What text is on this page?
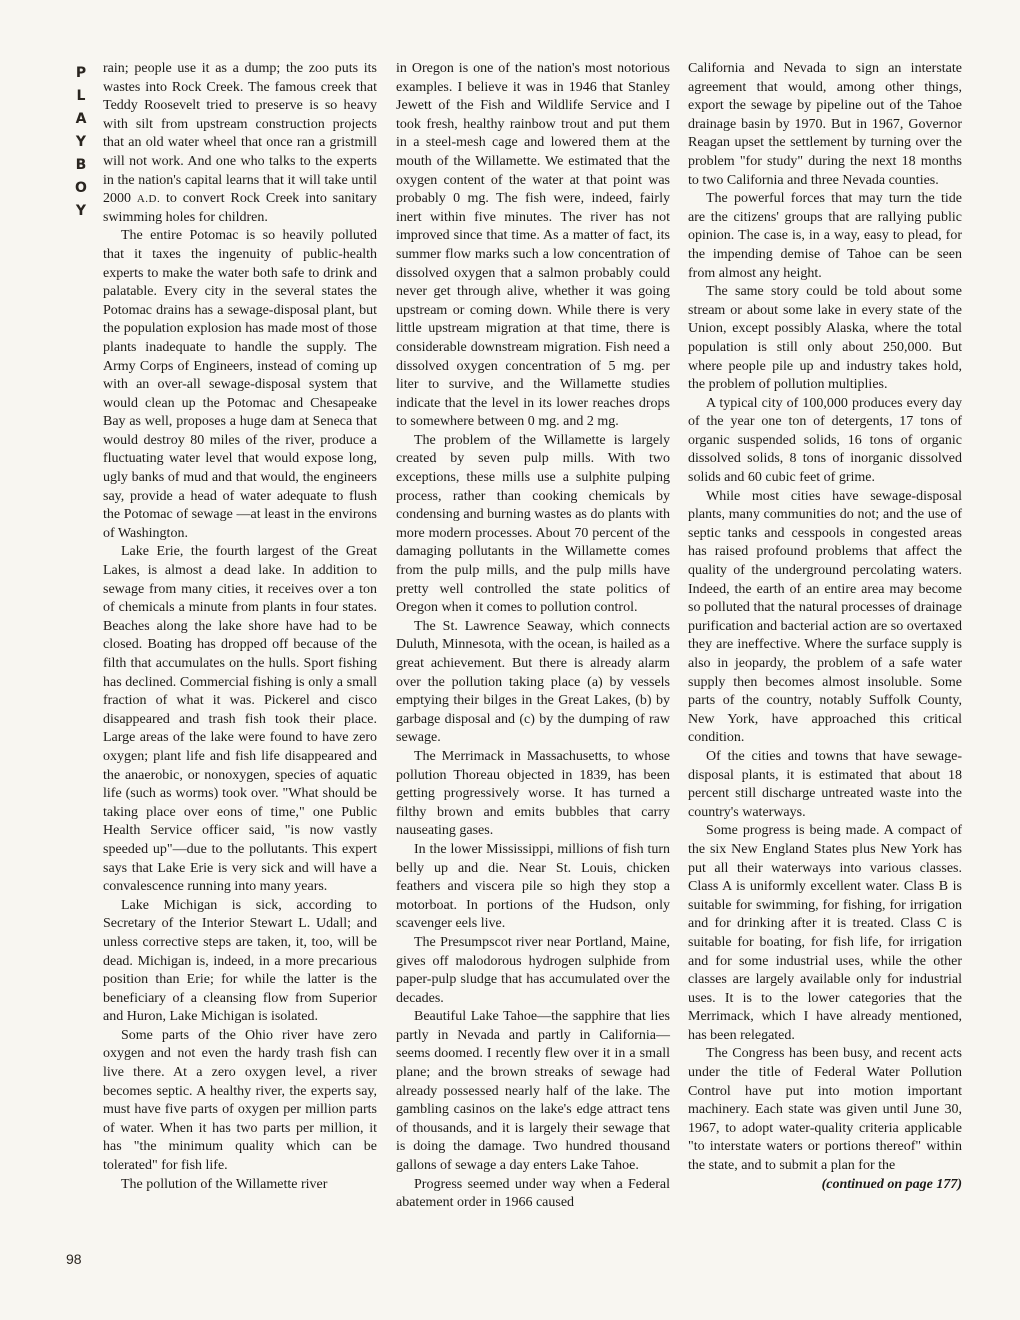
P
L
A
Y
B
O
Y
98

rain; people use it as a dump; the zoo puts its wastes into Rock Creek. The famous creek that Teddy Roosevelt tried to preserve is so heavy with silt from upstream construction projects that an old water wheel that once ran a gristmill will not work. And one who talks to the experts in the nation's capital learns that it will take until 2000 A.D. to convert Rock Creek into sanitary swimming holes for children.

The entire Potomac is so heavily polluted that it taxes the ingenuity of public-health experts to make the water both safe to drink and palatable. Every city in the several states the Potomac drains has a sewage-disposal plant, but the population explosion has made most of those plants inadequate to handle the supply. The Army Corps of Engineers, instead of coming up with an over-all sewage-disposal system that would clean up the Potomac and Chesapeake Bay as well, proposes a huge dam at Seneca that would destroy 80 miles of the river, produce a fluctuating water level that would expose long, ugly banks of mud and that would, the engineers say, provide a head of water adequate to flush the Potomac of sewage —at least in the environs of Washington.

Lake Erie, the fourth largest of the Great Lakes, is almost a dead lake. In addition to sewage from many cities, it receives over a ton of chemicals a minute from plants in four states. Beaches along the lake shore have had to be closed. Boating has dropped off because of the filth that accumulates on the hulls. Sport fishing has declined. Commercial fishing is only a small fraction of what it was. Pickerel and cisco disappeared and trash fish took their place. Large areas of the lake were found to have zero oxygen; plant life and fish life disappeared and the anaerobic, or nonoxygen, species of aquatic life (such as worms) took over. "What should be taking place over eons of time," one Public Health Service officer said, "is now vastly speeded up"—due to the pollutants. This expert says that Lake Erie is very sick and will have a convalescence running into many years.

Lake Michigan is sick, according to Secretary of the Interior Stewart L. Udall; and unless corrective steps are taken, it, too, will be dead. Michigan is, indeed, in a more precarious position than Erie; for while the latter is the beneficiary of a cleansing flow from Superior and Huron, Lake Michigan is isolated.

Some parts of the Ohio river have zero oxygen and not even the hardy trash fish can live there. At a zero oxygen level, a river becomes septic. A healthy river, the experts say, must have five parts of oxygen per million parts of water. When it has two parts per million, it has "the minimum quality which can be tolerated" for fish life.

The pollution of the Willamette river

in Oregon is one of the nation's most notorious examples. I believe it was in 1946 that Stanley Jewett of the Fish and Wildlife Service and I took fresh, healthy rainbow trout and put them in a steel-mesh cage and lowered them at the mouth of the Willamette. We estimated that the oxygen content of the water at that point was probably 0 mg. The fish were, indeed, fairly inert within five minutes. The river has not improved since that time. As a matter of fact, its summer flow marks such a low concentration of dissolved oxygen that a salmon probably could never get through alive, whether it was going upstream or coming down. While there is very little upstream migration at that time, there is considerable downstream migration. Fish need a dissolved oxygen concentration of 5 mg. per liter to survive, and the Willamette studies indicate that the level in its lower reaches drops to somewhere between 0 mg. and 2 mg.

The problem of the Willamette is largely created by seven pulp mills. With two exceptions, these mills use a sulphite pulping process, rather than cooking chemicals by condensing and burning wastes as do plants with more modern processes. About 70 percent of the damaging pollutants in the Willamette comes from the pulp mills, and the pulp mills have pretty well controlled the state politics of Oregon when it comes to pollution control.

The St. Lawrence Seaway, which connects Duluth, Minnesota, with the ocean, is hailed as a great achievement. But there is already alarm over the pollution taking place (a) by vessels emptying their bilges in the Great Lakes, (b) by garbage disposal and (c) by the dumping of raw sewage.

The Merrimack in Massachusetts, to whose pollution Thoreau objected in 1839, has been getting progressively worse. It has turned a filthy brown and emits bubbles that carry nauseating gases.

In the lower Mississippi, millions of fish turn belly up and die. Near St. Louis, chicken feathers and viscera pile so high they stop a motorboat. In portions of the Hudson, only scavenger eels live.

The Presumpscot river near Portland, Maine, gives off malodorous hydrogen sulphide from paper-pulp sludge that has accumulated over the decades.

Beautiful Lake Tahoe—the sapphire that lies partly in Nevada and partly in California—seems doomed. I recently flew over it in a small plane; and the brown streaks of sewage had already possessed nearly half of the lake. The gambling casinos on the lake's edge attract tens of thousands, and it is largely their sewage that is doing the damage. Two hundred thousand gallons of sewage a day enters Lake Tahoe.

Progress seemed under way when a Federal abatement order in 1966 caused

California and Nevada to sign an interstate agreement that would, among other things, export the sewage by pipeline out of the Tahoe drainage basin by 1970. But in 1967, Governor Reagan upset the settlement by turning over the problem "for study" during the next 18 months to two California and three Nevada counties.

The powerful forces that may turn the tide are the citizens' groups that are rallying public opinion. The case is, in a way, easy to plead, for the impending demise of Tahoe can be seen from almost any height.

The same story could be told about some stream or about some lake in every state of the Union, except possibly Alaska, where the total population is still only about 250,000. But where people pile up and industry takes hold, the problem of pollution multiplies.

A typical city of 100,000 produces every day of the year one ton of detergents, 17 tons of organic suspended solids, 16 tons of organic dissolved solids, 8 tons of inorganic dissolved solids and 60 cubic feet of grime.

While most cities have sewage-disposal plants, many communities do not; and the use of septic tanks and cesspools in congested areas has raised profound problems that affect the quality of the underground percolating waters. Indeed, the earth of an entire area may become so polluted that the natural processes of drainage purification and bacterial action are so overtaxed they are ineffective. Where the surface supply is also in jeopardy, the problem of a safe water supply then becomes almost insoluble. Some parts of the country, notably Suffolk County, New York, have approached this critical condition.

Of the cities and towns that have sewage-disposal plants, it is estimated that about 18 percent still discharge untreated waste into the country's waterways.

Some progress is being made. A compact of the six New England States plus New York has put all their waterways into various classes. Class A is uniformly excellent water. Class B is suitable for swimming, for fishing, for irrigation and for drinking after it is treated. Class C is suitable for boating, for fish life, for irrigation and for some industrial uses, while the other classes are largely available only for industrial uses. It is to the lower categories that the Merrimack, which I have already mentioned, has been relegated.

The Congress has been busy, and recent acts under the title of Federal Water Pollution Control have put into motion important machinery. Each state was given until June 30, 1967, to adopt water-quality criteria applicable "to interstate waters or portions thereof" within the state, and to submit a plan for the

(continued on page 177)
